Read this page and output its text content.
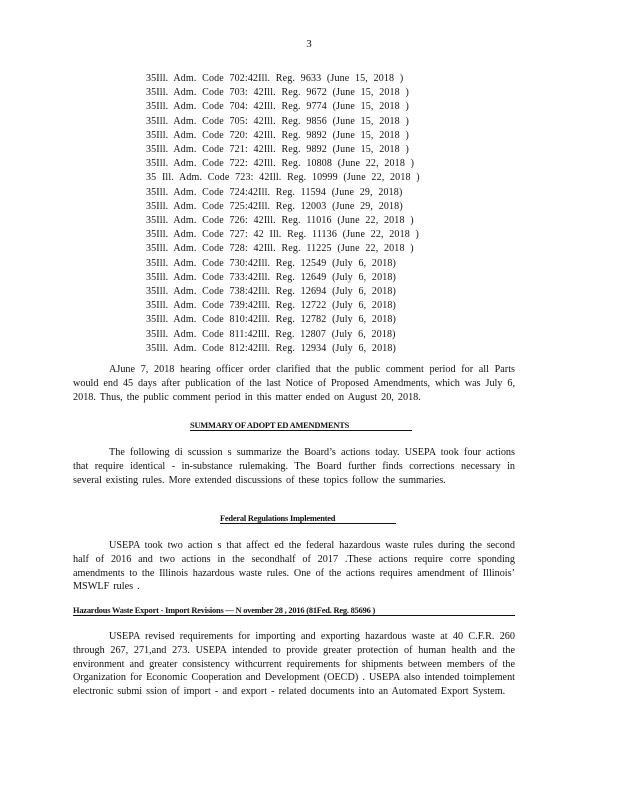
3
35Ill. Adm. Code 702:42Ill. Reg. 9633 (June 15, 2018 )
35Ill. Adm. Code 703: 42Ill. Reg. 9672 (June 15, 2018 )
35Ill. Adm. Code 704: 42Ill. Reg. 9774 (June 15, 2018 )
35Ill. Adm. Code 705: 42Ill. Reg. 9856 (June 15, 2018 )
35Ill. Adm. Code 720: 42Ill. Reg. 9892 (June 15, 2018 )
35Ill. Adm. Code 721: 42Ill. Reg. 9892 (June 15, 2018 )
35Ill. Adm. Code 722: 42Ill. Reg. 10808 (June 22, 2018 )
35 Ill. Adm. Code 723: 42Ill. Reg. 10999 (June 22, 2018 )
35Ill. Adm. Code 724:42Ill. Reg. 11594 (June 29, 2018)
35Ill. Adm. Code 725:42Ill. Reg. 12003 (June 29, 2018)
35Ill. Adm. Code 726: 42Ill. Reg. 11016 (June 22, 2018 )
35Ill. Adm. Code 727: 42 Ill. Reg. 11136 (June 22, 2018 )
35Ill. Adm. Code 728: 42Ill. Reg. 11225 (June 22, 2018 )
35Ill. Adm. Code 730:42Ill. Reg. 12549 (July 6, 2018)
35Ill. Adm. Code 733:42Ill. Reg. 12649 (July 6, 2018)
35Ill. Adm. Code 738:42Ill. Reg. 12694 (July 6, 2018)
35Ill. Adm. Code 739:42Ill. Reg. 12722 (July 6, 2018)
35Ill. Adm. Code 810:42Ill. Reg. 12782 (July 6, 2018)
35Ill. Adm. Code 811:42Ill. Reg. 12807 (July 6, 2018)
35Ill. Adm. Code 812:42Ill. Reg. 12934 (July 6, 2018)
AJune 7, 2018 hearing officer order clarified that the public comment period for all Parts would end 45 days after publication of the last Notice of Proposed Amendments, which was July 6, 2018. Thus, the public comment period in this matter ended on August 20, 2018.
SUMMARY OF ADOPT ED AMENDMENTS
The following di scussion s summarize the Board’s actions today. USEPA took four actions that require identical - in-substance rulemaking. The Board further finds corrections necessary in several existing rules. More extended discussions of these topics follow the summaries.
Federal Regulations Implemented
USEPA took two action s that affect ed the federal hazardous waste rules during the second half of 2016 and two actions in the secondhalf of 2017 .These actions require corre sponding amendments to the Illinois hazardous waste rules. One of the actions requires amendment of Illinois’ MSWLF rules .
Hazardous Waste Export - Import Revisions — N ovember 28 , 2016 (81Fed. Reg. 85696 )
USEPA revised requirements for importing and exporting hazardous waste at 40 C.F.R. 260 through 267, 271,and 273. USEPA intended to provide greater protection of human health and the environment and greater consistency withcurrent requirements for shipments between members of the Organization for Economic Cooperation and Development (OECD) . USEPA also intended toimplement electronic submi ssion of import - and export - related documents into an Automated Export System.
